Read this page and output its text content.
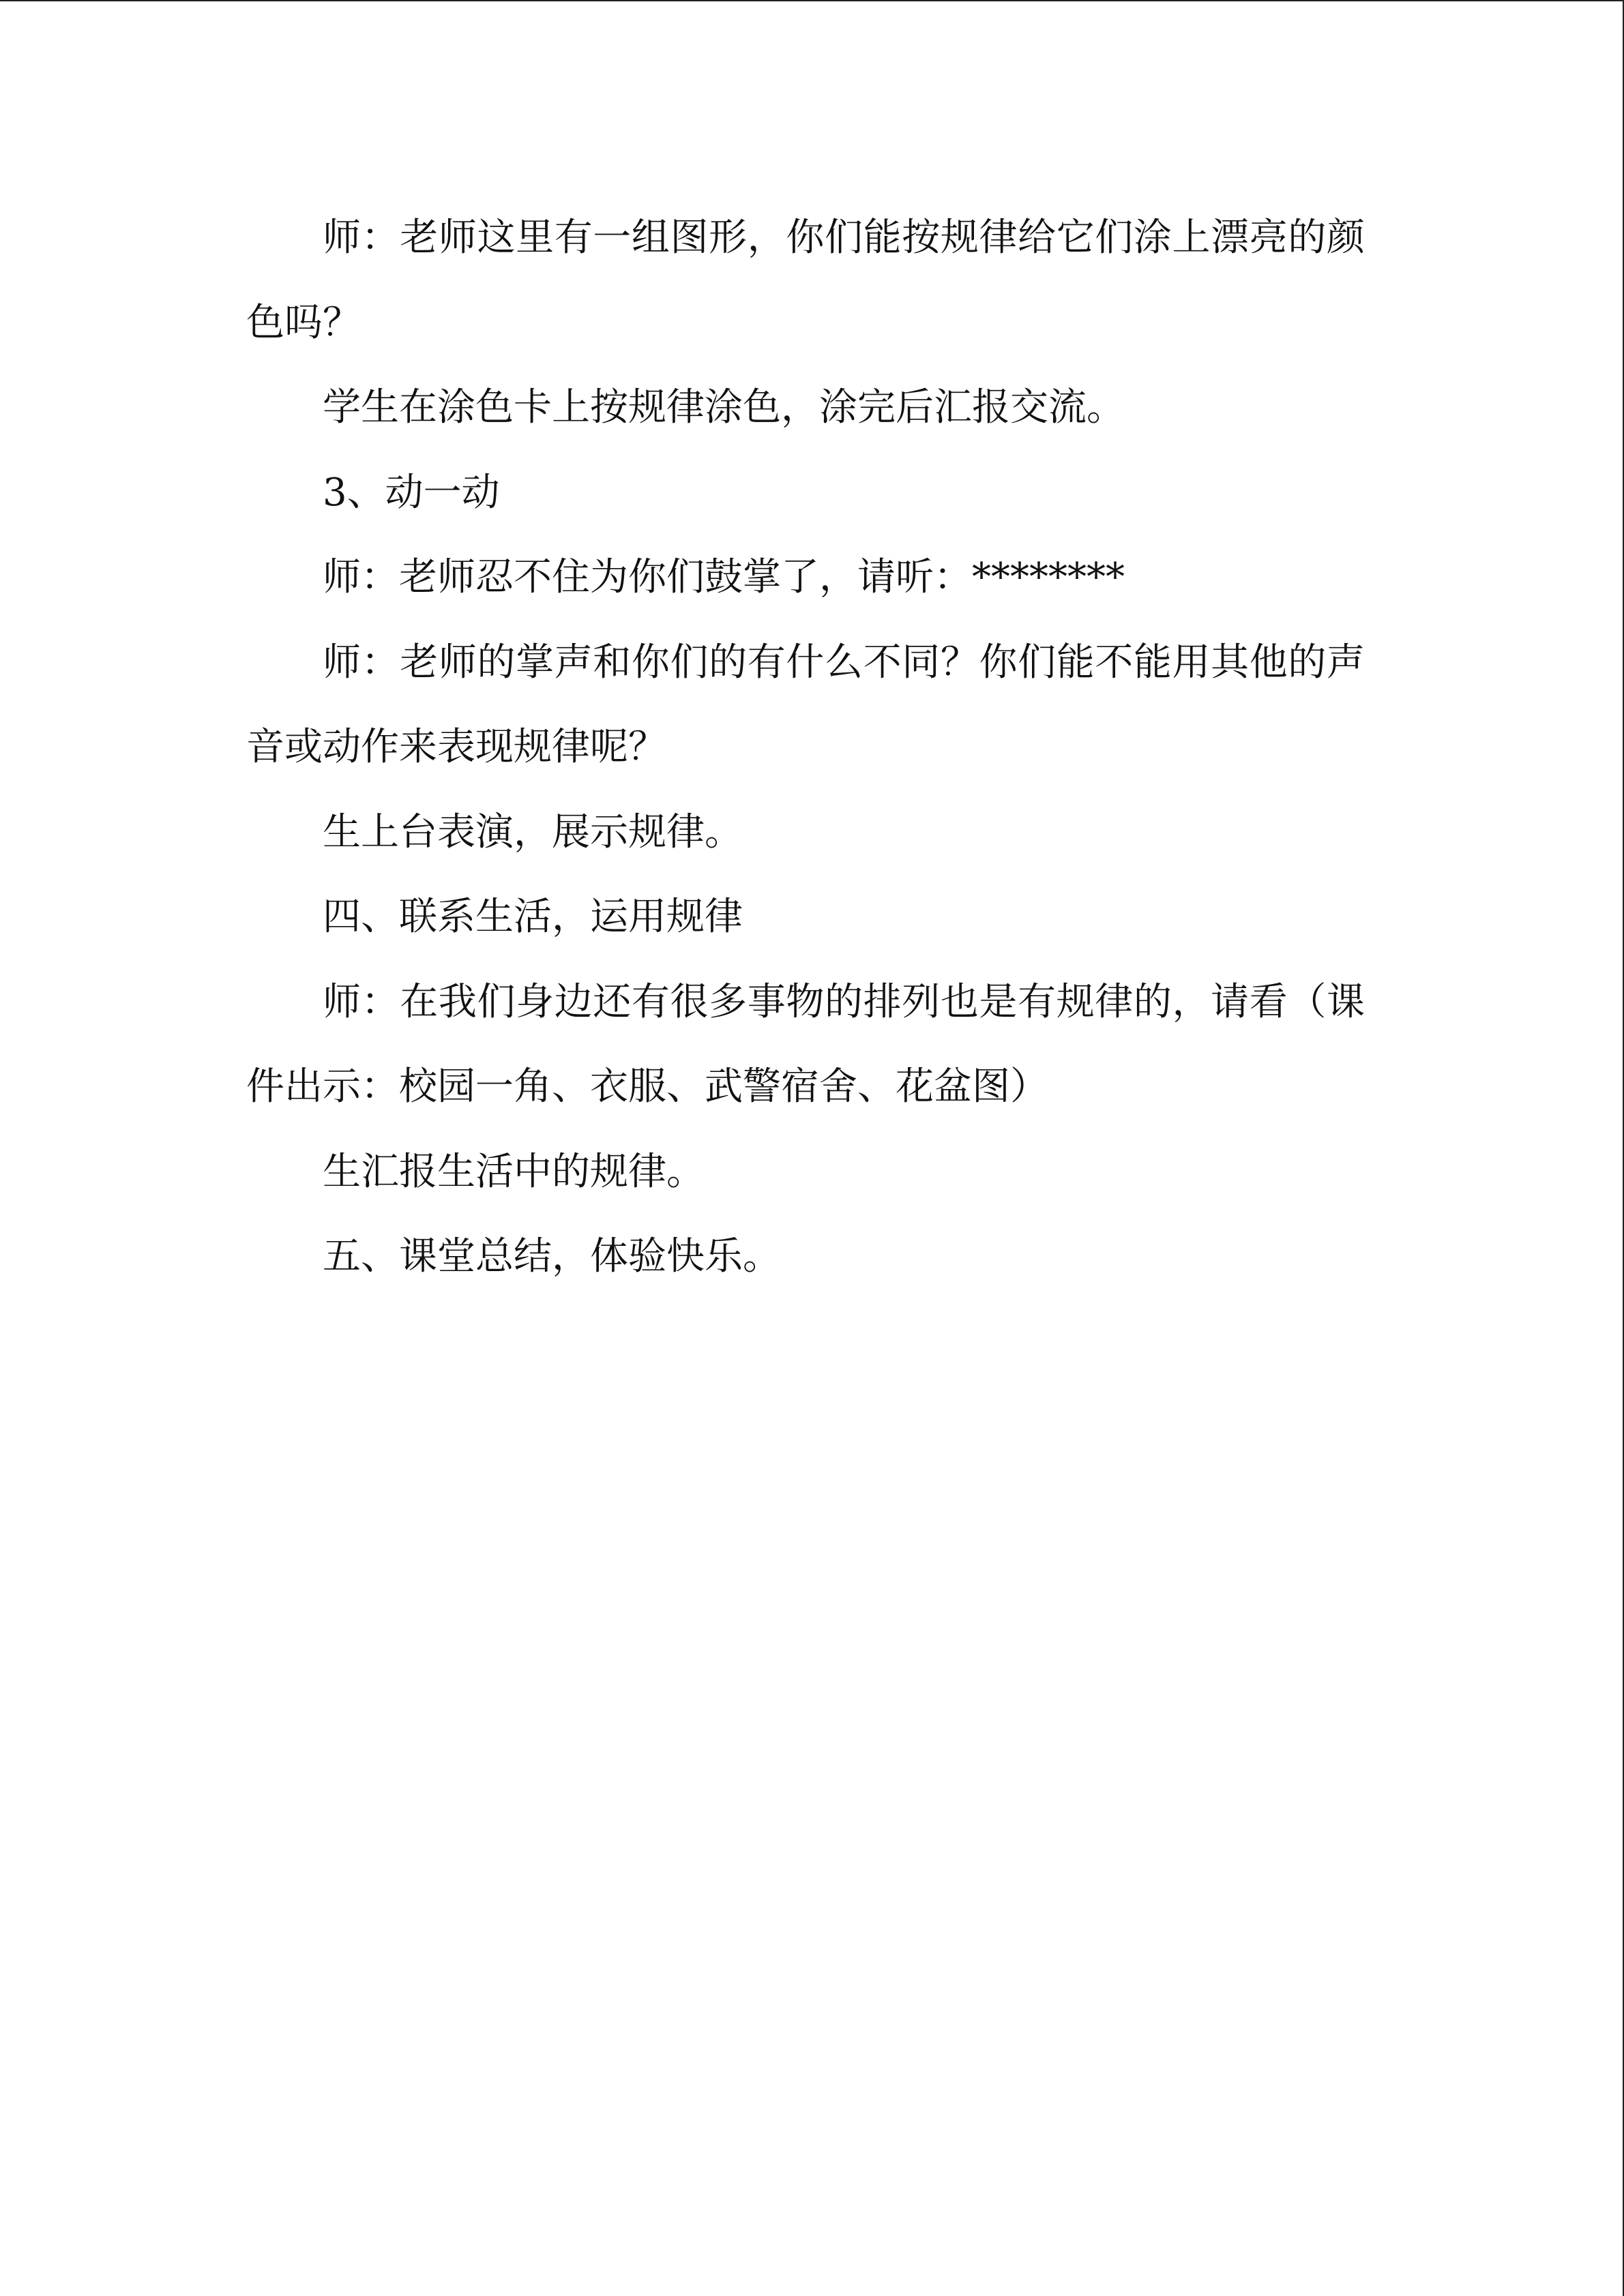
师：老师这里有一组图形，你们能按规律给它们涂上漂亮的颜色吗？

学生在涂色卡上按规律涂色，涂完后汇报交流。

3、动一动

师：老师忍不住为你们鼓掌了，请听：********

师：老师的掌声和你们的有什么不同？你们能不能用其他的声音或动作来表现规律呢？

生上台表演，展示规律。

四、联系生活，运用规律

师：在我们身边还有很多事物的排列也是有规律的，请看（课件出示：校园一角、衣服、武警宿舍、花盆图）

生汇报生活中的规律。

五、课堂总结，体验快乐。
